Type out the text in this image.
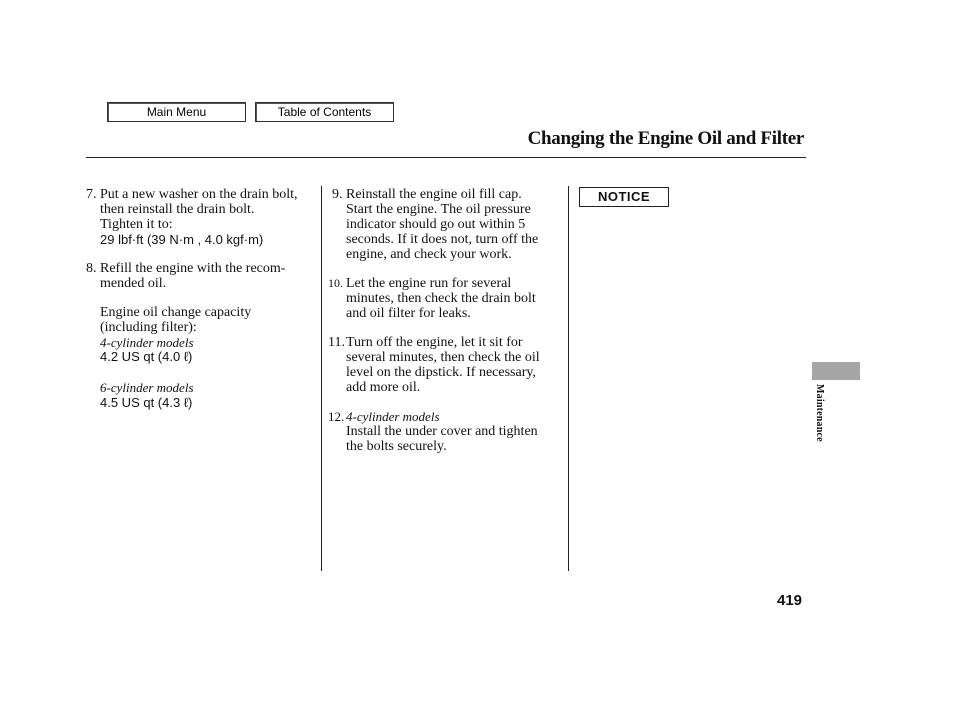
Main Menu	Table of Contents
Changing the Engine Oil and Filter
7. Put a new washer on the drain bolt,
then reinstall the drain bolt.
Tighten it to:
29 lbf·ft (39 N·m , 4.0 kgf·m)
8. Refill the engine with the recom-
mended oil.
Engine oil change capacity
(including filter):
4-cylinder models
4.2 US qt (4.0 ℓ)
6-cylinder models
4.5 US qt (4.3 ℓ)
9. Reinstall the engine oil fill cap.
Start the engine. The oil pressure
indicator should go out within 5
seconds. If it does not, turn off the
engine, and check your work.
10. Let the engine run for several
minutes, then check the drain bolt
and oil filter for leaks.
11. Turn off the engine, let it sit for
several minutes, then check the oil
level on the dipstick. If necessary,
add more oil.
12. 4-cylinder models
Install the under cover and tighten
the bolts securely.
NOTICE
Maintenance
419
